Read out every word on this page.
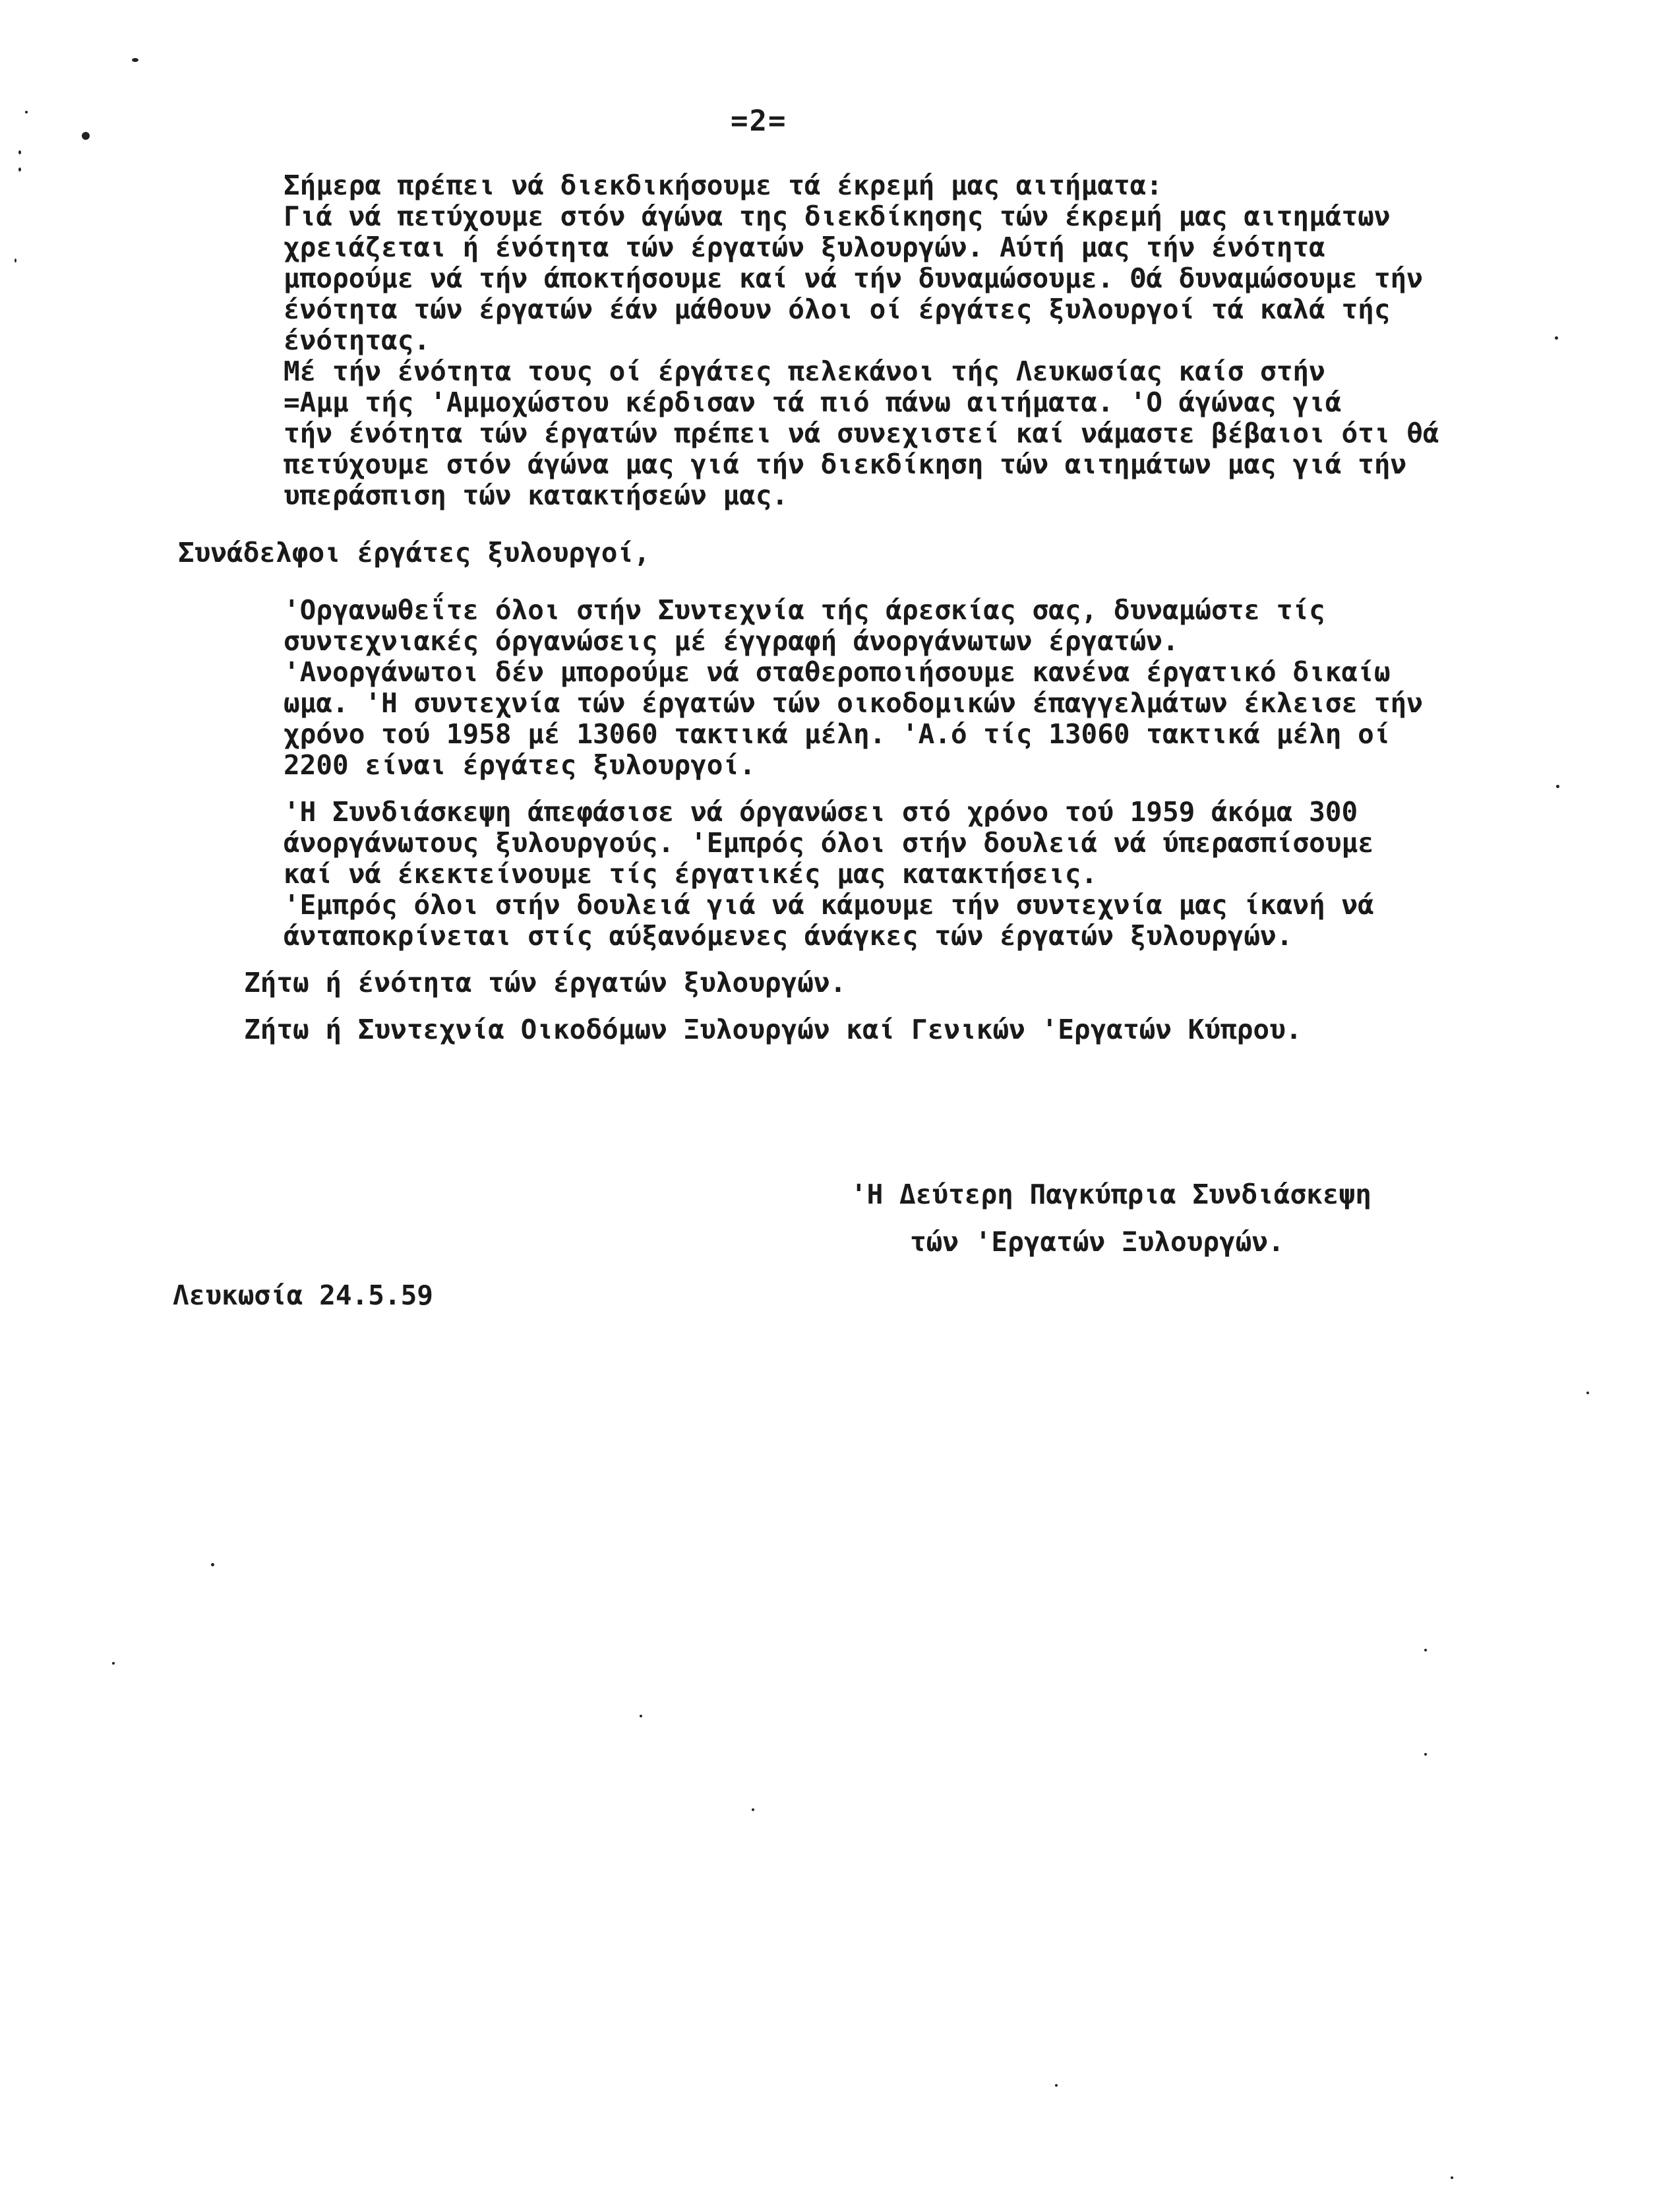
=2=

Σήμερα πρέπει νά διεκδικήσουμε τά έκρεμή μας αιτήματα:
Γιά νά πετύχουμε στόν άγώνα της διεκδίκησης τών έκρεμή μας αιτημάτων
χρειάζεται ή ένότητα τών έργατών ξυλουργών. Αύτή μας τήν ένότητα
μπορούμε νά τήν άποκτήσουμε καί νά τήν δυναμώσουμε. Θά δυναμώσουμε τήν
ένότητα τών έργατών έάν μάθουν όλοι οί έργάτες ξυλουργοί τά καλά τής
ένότητας.

Μέ τήν ένότητα τους οί έργάτες πελεκάνοι τής Λευκωσίας καίσ στήν
=Αμμ τής 'Αμμοχώστου κέρδισαν τά πιό πάνω αιτήματα. 'Ο άγώνας γιά
τήν ένότητα τών έργατών πρέπει νά συνεχιστεί καί νάμαστε βέβαιοι ότι θά
πετύχουμε στόν άγώνα μας γιά τήν διεκδίκηση τών αιτημάτων μας γιά τήν
υπεράσπιση τών κατακτήσεών μας.

Συνάδελφοι έργάτες ξυλουργοί,

'Οργανωθεΐτε όλοι στήν Συντεχνία τής άρεσκίας σας, δυναμώστε τίς
συντεχνιακές όργανώσεις μέ έγγραφή άνοργάνωτων έργατών.
'Ανοργάνωτοι δέν μπορούμε νά σταθεροποιήσουμε κανένα έργατικό δικαίω
ωμα. 'Η συντεχνία τών έργατών τών οικοδομικών έπαγγελμάτων έκλεισε τήν
χρόνο τού 1958 μέ 13060 τακτικά μέλη. 'Α.ό τίς 13060 τακτικά μέλη οί
2200 είναι έργάτες ξυλουργοί.

'Η Συνδιάσκεψη άπεφάσισε νά όργανώσει στό χρόνο τού 1959 άκόμα 300
άνοργάνωτους ξυλουργούς. 'Εμπρός όλοι στήν δουλειά νά ύπερασπίσουμε
καί νά έκεκτείνουμε τίς έργατικές μας κατακτήσεις.
'Εμπρός όλοι στήν δουλειά γιά νά κάμουμε τήν συντεχνία μας ίκανή νά
άνταποκρίνεται στίς αύξανόμενες άνάγκες τών έργατών ξυλουργών.

Ζήτω ή ένότητα τών έργατών ξυλουργών.

Ζήτω ή Συντεχνία Οικοδόμων Ξυλουργών καί Γενικών 'Εργατών Κύπρου.

'Η Δεύτερη Παγκύπρια Συνδιάσκεψη
τών 'Εργατών Ξυλουργών.
Λευκωσία 24.5.59
